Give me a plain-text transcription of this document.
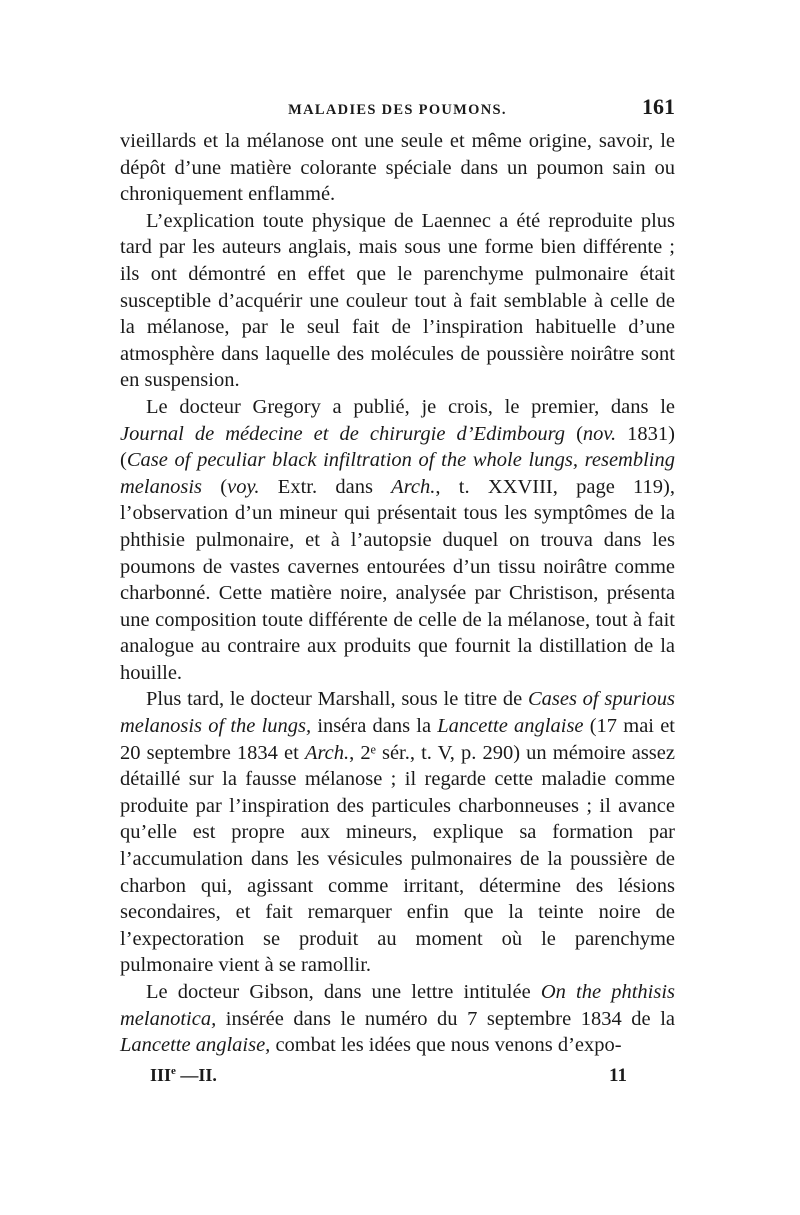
MALADIES DES POUMONS.	161

vieillards et la mélanose ont une seule et même origine, savoir, le dépôt d’une matière colorante spéciale dans un poumon sain ou chroniquement enflammé.

L’explication toute physique de Laennec a été reproduite plus tard par les auteurs anglais, mais sous une forme bien différente ; ils ont démontré en effet que le parenchyme pulmonaire était susceptible d’acquérir une couleur tout à fait semblable à celle de la mélanose, par le seul fait de l’inspiration habituelle d’une atmosphère dans laquelle des molécules de poussière noirâtre sont en suspension.

Le docteur Gregory a publié, je crois, le premier, dans le Journal de médecine et de chirurgie d’Edimbourg (nov. 1831) (Case of peculiar black infiltration of the whole lungs, resembling melanosis (voy. Extr. dans Arch., t. XXVIII, page 119), l’observation d’un mineur qui présentait tous les symptômes de la phthisie pulmonaire, et à l’autopsie duquel on trouva dans les poumons de vastes cavernes entourées d’un tissu noirâtre comme charbonné. Cette matière noire, analysée par Christison, présenta une composition toute différente de celle de la mélanose, tout à fait analogue au contraire aux produits que fournit la distillation de la houille.

Plus tard, le docteur Marshall, sous le titre de Cases of spurious melanosis of the lungs, inséra dans la Lancette anglaise (17 mai et 20 septembre 1834 et Arch., 2ᵉ sér., t. V, p. 290) un mémoire assez détaillé sur la fausse mélanose ; il regarde cette maladie comme produite par l’inspiration des particules charbonneuses ; il avance qu’elle est propre aux mineurs, explique sa formation par l’accumulation dans les vésicules pulmonaires de la poussière de charbon qui, agissant comme irritant, détermine des lésions secondaires, et fait remarquer enfin que la teinte noire de l’expectoration se produit au moment où le parenchyme pulmonaire vient à se ramollir.

Le docteur Gibson, dans une lettre intitulée On the phthisis melanotica, insérée dans le numéro du 7 septembre 1834 de la Lancette anglaise, combat les idées que nous venons d’expo-

IIIe —II.	11
